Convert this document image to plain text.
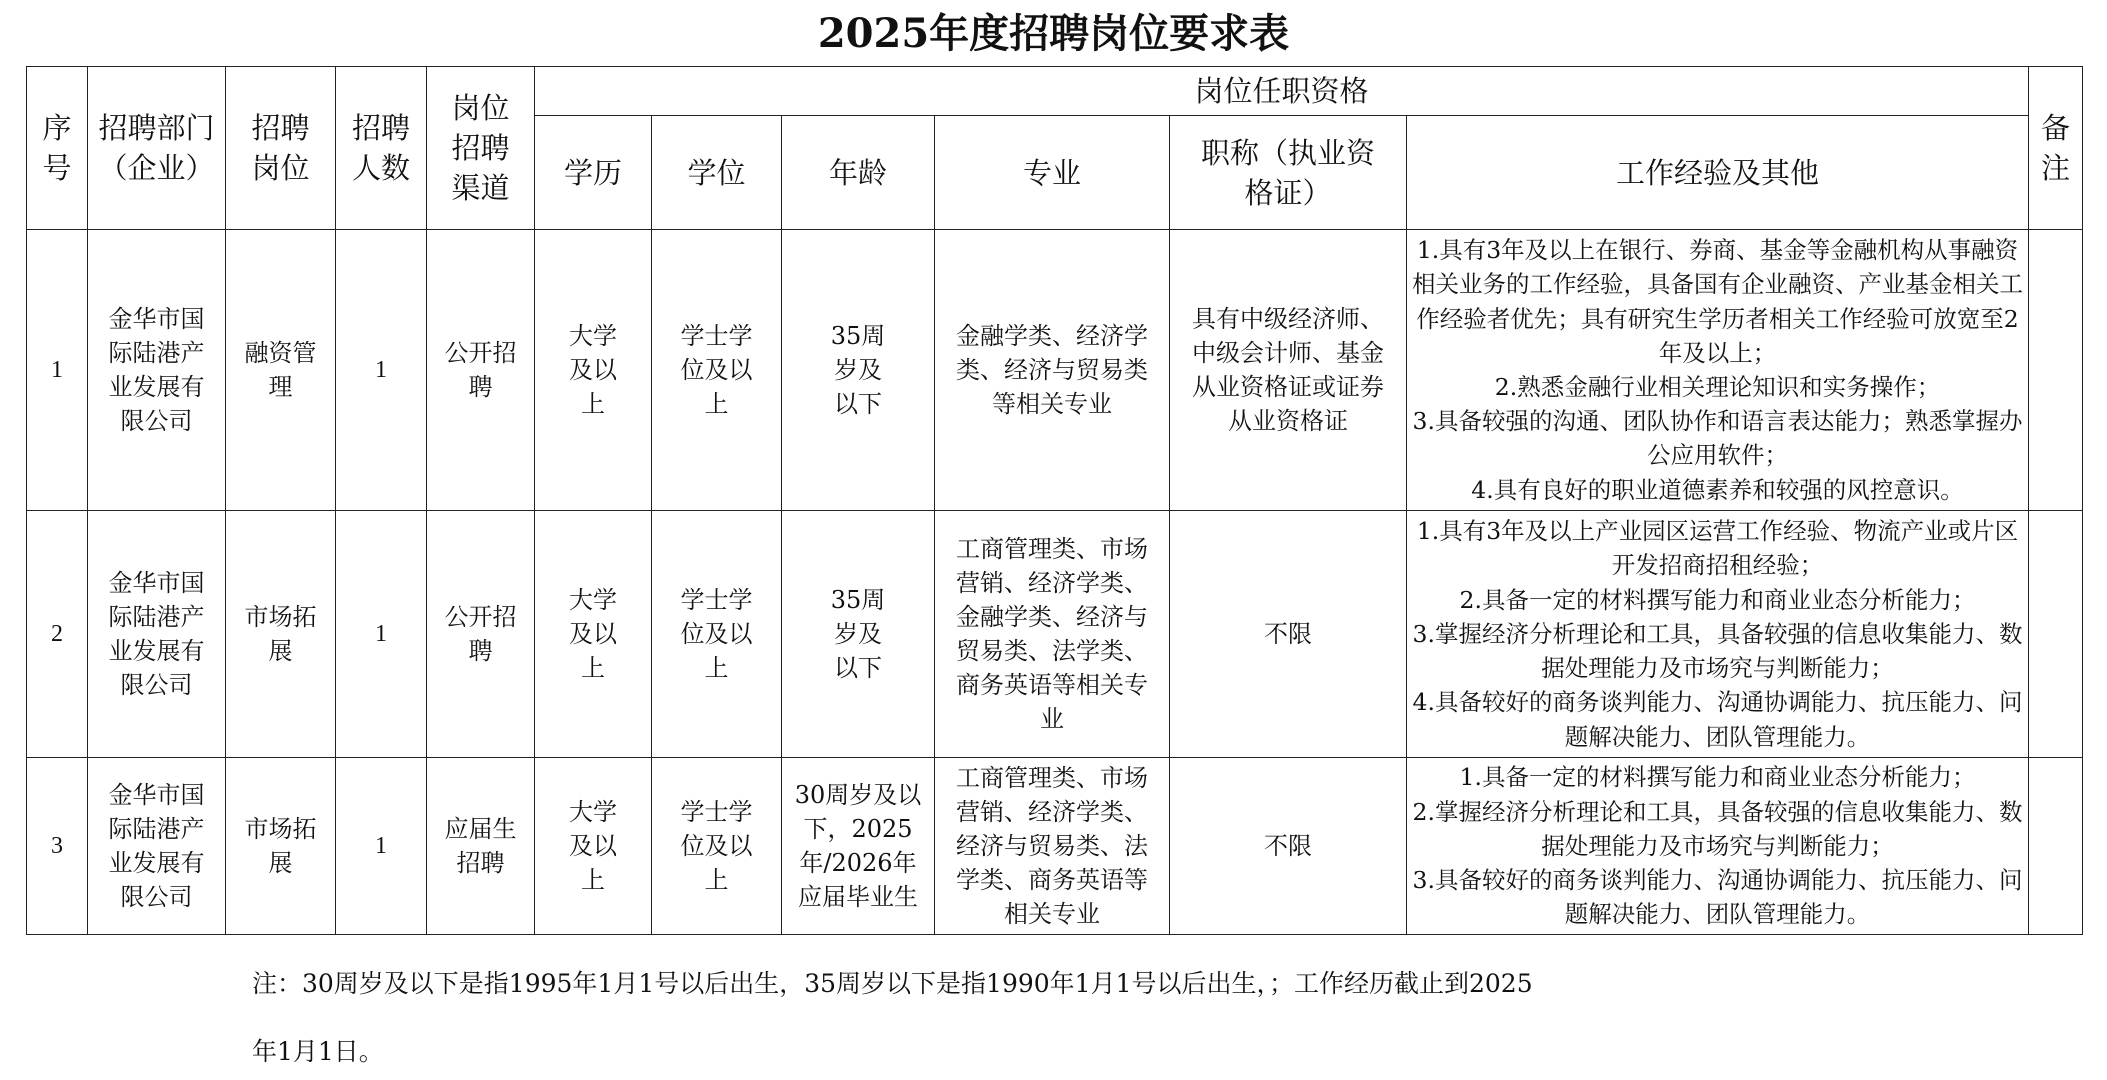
2025年度招聘岗位要求表
序号	招聘部门（企业）	招聘岗位	招聘人数	岗位招聘渠道	岗位任职资格						备注
					学历	学位	年龄	专业	职称（执业资格证）	工作经验及其他	
1	金华市国际陆港产业发展有限公司	融资管理	1	公开招聘	大学及以上	学士学位及以上	35周岁及以下	金融学类、经济学类、经济与贸易类等相关专业	具有中级经济师、中级会计师、基金从业资格证或证券从业资格证	1.具有3年及以上在银行、券商、基金等金融机构从事融资相关业务的工作经验，具备国有企业融资、产业基金相关工作经验者优先；具有研究生学历者相关工作经验可放宽至2年及以上；
2.熟悉金融行业相关理论知识和实务操作；
3.具备较强的沟通、团队协作和语言表达能力；熟悉掌握办公应用软件；
4.具有良好的职业道德素养和较强的风控意识。	

2	金华市国际陆港产业发展有限公司	市场拓展	1	公开招聘	大学及以上	学士学位及以上	35周岁及以下	工商管理类、市场营销、经济学类、金融学类、经济与贸易类、法学类、商务英语等相关专业	不限	1.具有3年及以上产业园区运营工作经验、物流产业或片区开发招商招租经验；
2.具备一定的材料撰写能力和商业业态分析能力；
3.掌握经济分析理论和工具，具备较强的信息收集能力、数据处理能力及市场究与判断能力；
4.具备较好的商务谈判能力、沟通协调能力、抗压能力、问题解决能力、团队管理能力。	

3	金华市国际陆港产业发展有限公司	市场拓展	1	应届生招聘	大学及以上	学士学位及以上	30周岁及以下，2025年/2026年应届毕业生	工商管理类、市场营销、经济学类、经济与贸易类、法学类、商务英语等相关专业	不限	1.具备一定的材料撰写能力和商业业态分析能力；
2.掌握经济分析理论和工具，具备较强的信息收集能力、数据处理能力及市场究与判断能力；
3.具备较好的商务谈判能力、沟通协调能力、抗压能力、问题解决能力、团队管理能力。	

注：30周岁及以下是指1995年1月1号以后出生，35周岁以下是指1990年1月1号以后出生，；工作经历截止到2025
年1月1日。
